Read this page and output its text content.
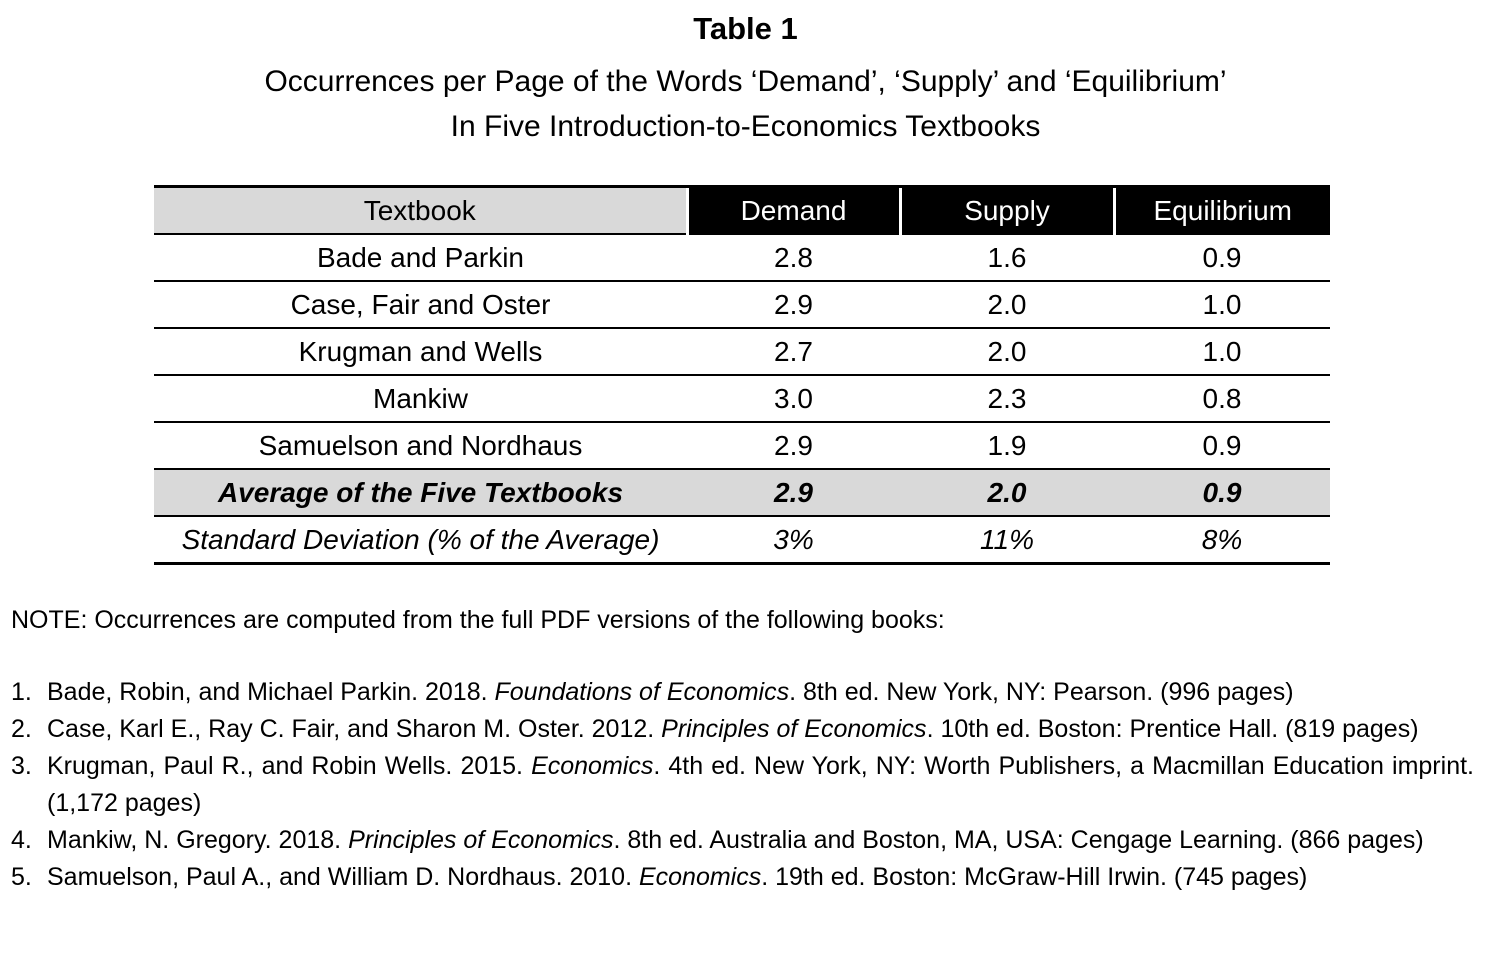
Table 1
Occurrences per Page of the Words ‘Demand’, ‘Supply’ and ‘Equilibrium’
In Five Introduction-to-Economics Textbooks
Textbook	Demand	Supply	Equilibrium
Bade and Parkin	2.8	1.6	0.9
Case, Fair and Oster	2.9	2.0	1.0
Krugman and Wells	2.7	2.0	1.0
Mankiw	3.0	2.3	0.8
Samuelson and Nordhaus	2.9	1.9	0.9
Average of the Five Textbooks	2.9	2.0	0.9
Standard Deviation (% of the Average)	3%	11%	8%
NOTE: Occurrences are computed from the full PDF versions of the following books:
1. Bade, Robin, and Michael Parkin. 2018. Foundations of Economics. 8th ed. New York, NY: Pearson. (996 pages)
2. Case, Karl E., Ray C. Fair, and Sharon M. Oster. 2012. Principles of Economics. 10th ed. Boston: Prentice Hall. (819 pages)
3. Krugman, Paul R., and Robin Wells. 2015. Economics. 4th ed. New York, NY: Worth Publishers, a Macmillan Education imprint. (1,172 pages)
4. Mankiw, N. Gregory. 2018. Principles of Economics. 8th ed. Australia and Boston, MA, USA: Cengage Learning. (866 pages)
5. Samuelson, Paul A., and William D. Nordhaus. 2010. Economics. 19th ed. Boston: McGraw-Hill Irwin. (745 pages)
